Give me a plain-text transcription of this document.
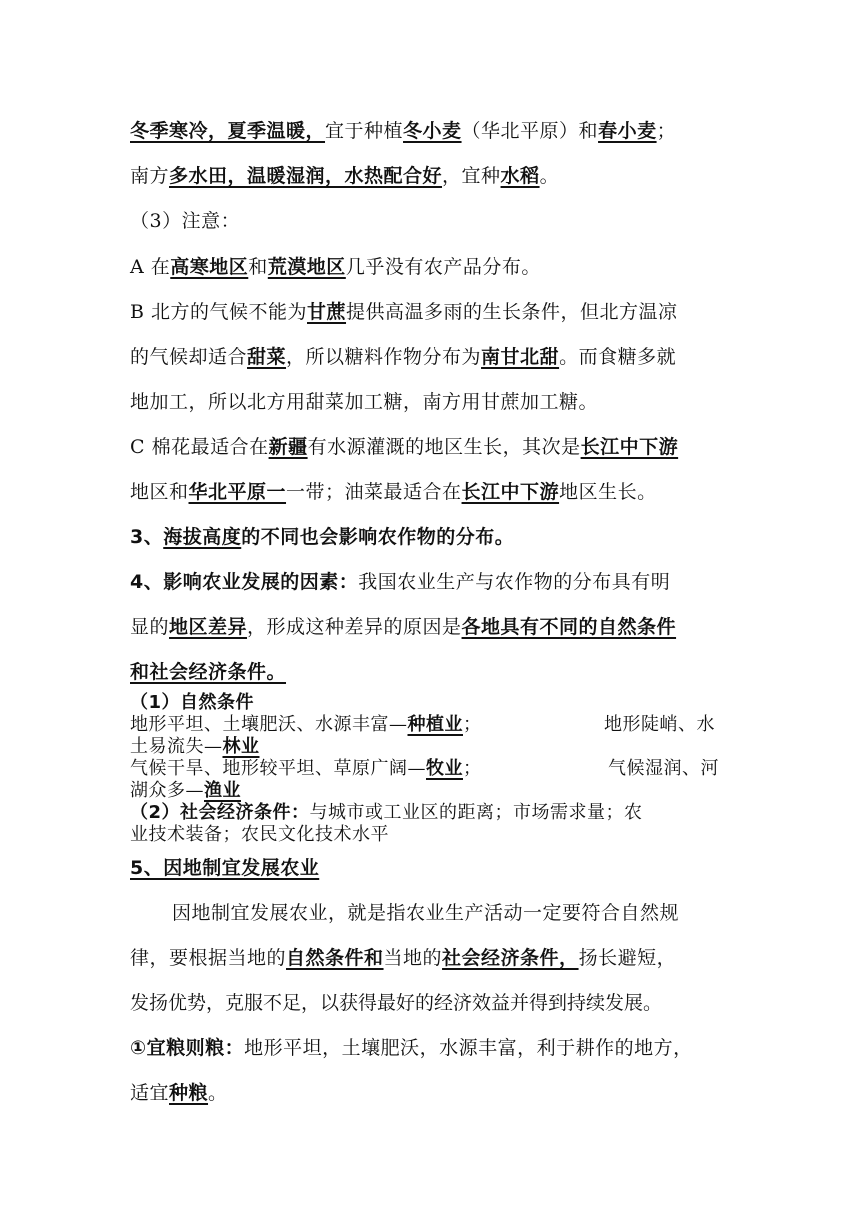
冬季寒冷，夏季温暖，宜于种植冬小麦（华北平原）和春小麦；
南方多水田，温暖湿润，水热配合好，宜种水稻。
（3）注意：
A 在高寒地区和荒漠地区几乎没有农产品分布。
B 北方的气候不能为甘蔗提供高温多雨的生长条件，但北方温凉
的气候却适合甜菜，所以糖料作物分布为南甘北甜。而食糖多就
地加工，所以北方用甜菜加工糖，南方用甘蔗加工糖。
C 棉花最适合在新疆有水源灌溉的地区生长，其次是长江中下游
地区和华北平原一一带；油菜最适合在长江中下游地区生长。
3、海拔高度的不同也会影响农作物的分布。
4、影响农业发展的因素：我国农业生产与农作物的分布具有明
显的地区差异，形成这种差异的原因是各地具有不同的自然条件
和社会经济条件。
（1）自然条件
地形平坦、土壤肥沃、水源丰富—种植业；	地形陡峭、水
土易流失—林业
气候干旱、地形较平坦、草原广阔—牧业；	气候湿润、河
湖众多—渔业
（2）社会经济条件：与城市或工业区的距离；市场需求量；农
业技术装备；农民文化技术水平
5、因地制宜发展农业
因地制宜发展农业，就是指农业生产活动一定要符合自然规
律，要根据当地的自然条件和当地的社会经济条件，扬长避短，
发扬优势，克服不足，以获得最好的经济效益并得到持续发展。
①宜粮则粮：地形平坦，土壤肥沃，水源丰富，利于耕作的地方，
适宜种粮。
